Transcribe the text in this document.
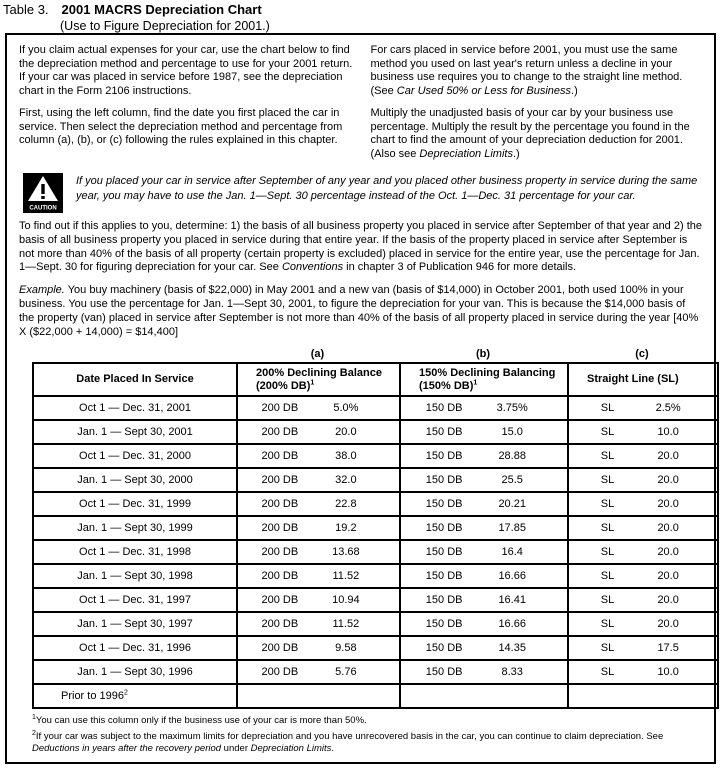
Table 3. 2001 MACRS Depreciation Chart
(Use to Figure Depreciation for 2001.)

If you claim actual expenses for your car, use the chart below to find the depreciation method and percentage to use for your 2001 return. If your car was placed in service before 1987, see the depreciation chart in the Form 2106 instructions.

First, using the left column, find the date you first placed the car in service. Then select the depreciation method and percentage from column (a), (b), or (c) following the rules explained in this chapter.

For cars placed in service before 2001, you must use the same method you used on last year's return unless a decline in your business use requires you to change to the straight line method. (See Car Used 50% or Less for Business.)

Multiply the unadjusted basis of your car by your business use percentage. Multiply the result by the percentage you found in the chart to find the amount of your depreciation deduction for 2001. (Also see Depreciation Limits.)

CAUTION
If you placed your car in service after September of any year and you placed other business property in service during the same year, you may have to use the Jan. 1—Sept. 30 percentage instead of the Oct. 1—Dec. 31 percentage for your car.

To find out if this applies to you, determine: 1) the basis of all business property you placed in service after September of that year and 2) the basis of all business property you placed in service during that entire year. If the basis of the property placed in service after September is not more than 40% of the basis of all property (certain property is excluded) placed in service for the entire year, use the percentage for Jan. 1—Sept. 30 for figuring depreciation for your car. See Conventions in chapter 3 of Publication 946 for more details.

Example. You buy machinery (basis of $22,000) in May 2001 and a new van (basis of $14,000) in October 2001, both used 100% in your business. You use the percentage for Jan. 1—Sept 30, 2001, to figure the depreciation for your van. This is because the $14,000 basis of the property (van) placed in service after September is not more than 40% of the basis of all property placed in service during the year [40% X ($22,000 + 14,000) = $14,400]

(a)	(b)	(c)
Date Placed In Service	200% Declining Balance (200% DB)$^1$	150% Declining Balancing (150% DB)$^1$	Straight Line (SL)
Oct 1 — Dec. 31, 2001	200 DB 5.0%	150 DB 3.75%	SL 2.5%

Jan. 1 — Sept 30, 2001	200 DB 20.0	150 DB 15.0	SL 10.0

Oct 1 — Dec. 31, 2000	200 DB 38.0	150 DB 28.88	SL 20.0

Jan. 1 — Sept 30, 2000	200 DB 32.0	150 DB 25.5	SL 20.0

Oct 1 — Dec. 31, 1999	200 DB 22.8	150 DB 20.21	SL 20.0

Jan. 1 — Sept 30, 1999	200 DB 19.2	150 DB 17.85	SL 20.0

Oct 1 — Dec. 31, 1998	200 DB 13.68	150 DB 16.4	SL 20.0

Jan. 1 — Sept 30, 1998	200 DB 11.52	150 DB 16.66	SL 20.0

Oct 1 — Dec. 31, 1997	200 DB 10.94	150 DB 16.41	SL 20.0

Jan. 1 — Sept 30, 1997	200 DB 11.52	150 DB 16.66	SL 20.0

Oct 1 — Dec. 31, 1996	200 DB 9.58	150 DB 14.35	SL 17.5

Jan. 1 — Sept 30, 1996	200 DB 5.76	150 DB 8.33	SL 10.0

Prior to 1996$^2$	

$^1$You can use this column only if the business use of your car is more than 50%.
$^2$If your car was subject to the maximum limits for depreciation and you have unrecovered basis in the car, you can continue to claim depreciation. See Deductions in years after the recovery period under Depreciation Limits.
